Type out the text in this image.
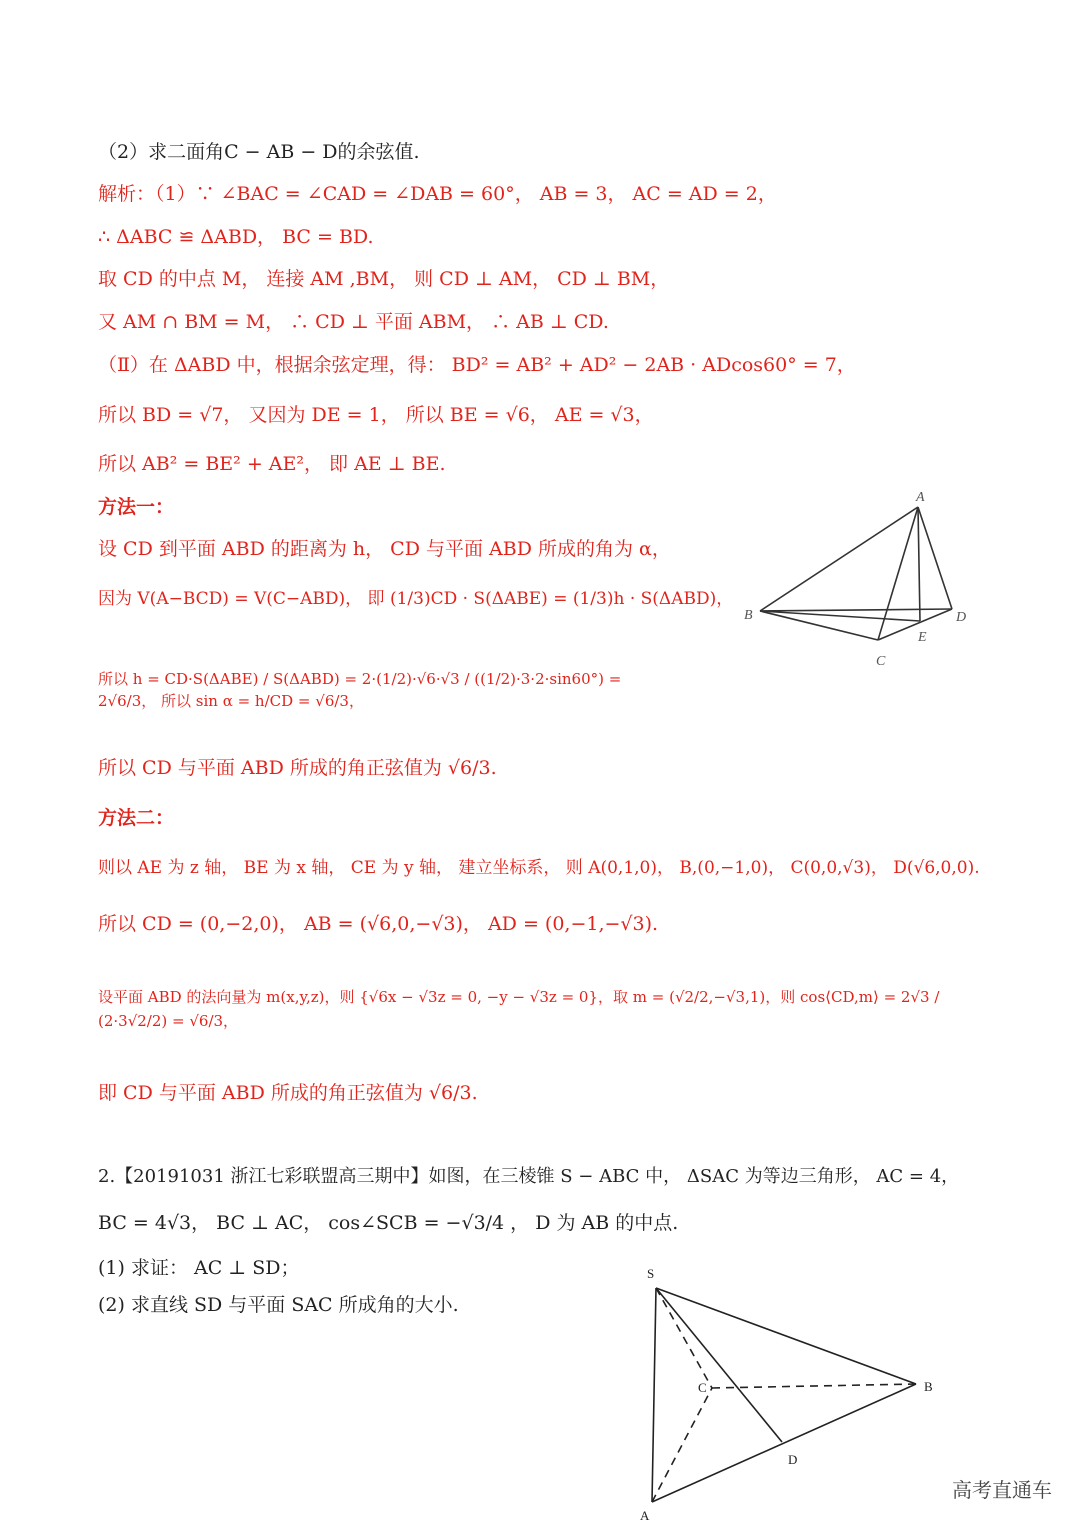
（2）求二面角C − AB − D的余弦值.
解析：（1）∵ ∠BAC = ∠CAD = ∠DAB = 60°， AB = 3， AC = AD = 2，
∴ ΔABC ≌ ΔABD， BC = BD.
取 CD 的中点 M， 连接 AM ,BM， 则 CD ⊥ AM， CD ⊥ BM，
又 AM ∩ BM = M， ∴ CD ⊥ 平面 ABM， ∴ AB ⊥ CD.
（Ⅱ）在 ΔABD 中，根据余弦定理，得： BD² = AB² + AD² − 2AB · ADcos60° = 7，
所以 BD = √7， 又因为 DE = 1， 所以 BE = √6， AE = √3，
所以 AB² = BE² + AE²， 即 AE ⊥ BE.
方法一：
设 CD 到平面 ABD 的距离为 h， CD 与平面 ABD 所成的角为 α，
因为 V(A−BCD) = V(C−ABD)， 即 (1/3)CD · S(ΔABE) = (1/3)h · S(ΔABD)，
所以 h = CD·S(ΔABE) / S(ΔABD) = 2·(1/2)·√6·√3 / ((1/2)·3·2·sin60°) = 2√6/3， 所以 sin α = h/CD = √6/3，
所以 CD 与平面 ABD 所成的角正弦值为 √6/3.
方法二：
则以 AE 为 z 轴， BE 为 x 轴， CE 为 y 轴， 建立坐标系， 则 A(0,1,0)， B,(0,−1,0)， C(0,0,√3)， D(√6,0,0).
所以 CD = (0,−2,0)， AB = (√6,0,−√3)， AD = (0,−1,−√3).
设平面 ABD 的法向量为 m(x,y,z)，则 {√6x − √3z = 0, −y − √3z = 0}，取 m = (√2/2,−√3,1)，则 cos⟨CD,m⟩ = 2√3 / (2·3√2/2) = √6/3，
即 CD 与平面 ABD 所成的角正弦值为 √6/3.
2.【20191031 浙江七彩联盟高三期中】如图，在三棱锥 S − ABC 中， ΔSAC 为等边三角形， AC = 4，
BC = 4√3， BC ⊥ AC， cos∠SCB = −√3/4 ， D 为 AB 的中点.
(1) 求证： AC ⊥ SD；
(2) 求直线 SD 与平面 SAC 所成角的大小.
A
B
C
D
E
S
A
B
C
D
高考直通车
